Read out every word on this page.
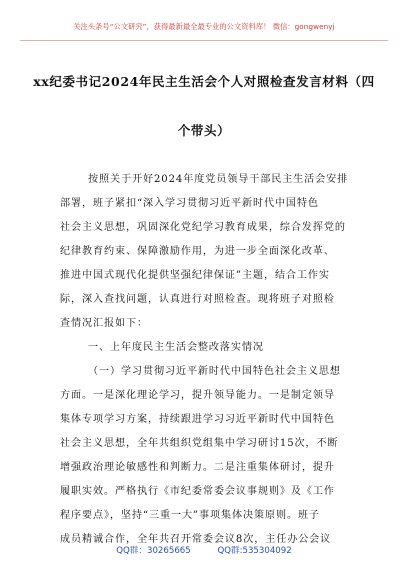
关注头条号“公文研究”，获得最新最全最专业的公文资料库！ 微信：gongwenyj
xx纪委书记2024年民主生活会个人对照检查发言材料（四
个带头）
按照关于开好2024年度党员领导干部民主生活会安排
部署，班子紧扣“深入学习贯彻习近平新时代中国特色
社会主义思想，巩固深化党纪学习教育成果，综合发挥党的
纪律教育约束、保障激励作用，为进一步全面深化改革、
推进中国式现代化提供坚强纪律保证”主题，结合工作实
际，深入查找问题，认真进行对照检查。现将班子对照检
查情况汇报如下：
一、上年度民主生活会整改落实情况
（一）学习贯彻习近平新时代中国特色社会主义思想
方面。一是深化理论学习，提升领导能力。一是制定领导
集体专项学习方案，持续跟进学习习近平新时代中国特色
社会主义思想，全年共组织党组集中学习研讨15次，不断
增强政治理论敏感性和判断力。二是注重集体研讨，提升
履职实效。严格执行《市纪委常委会议事规则》及《工作
程序要点》，坚持“三重一大”事项集体决策原则。班子
成员精诚合作，全年共召开常委会议8次，主任办公会议
QQ群：30265665	QQ群:535304092
